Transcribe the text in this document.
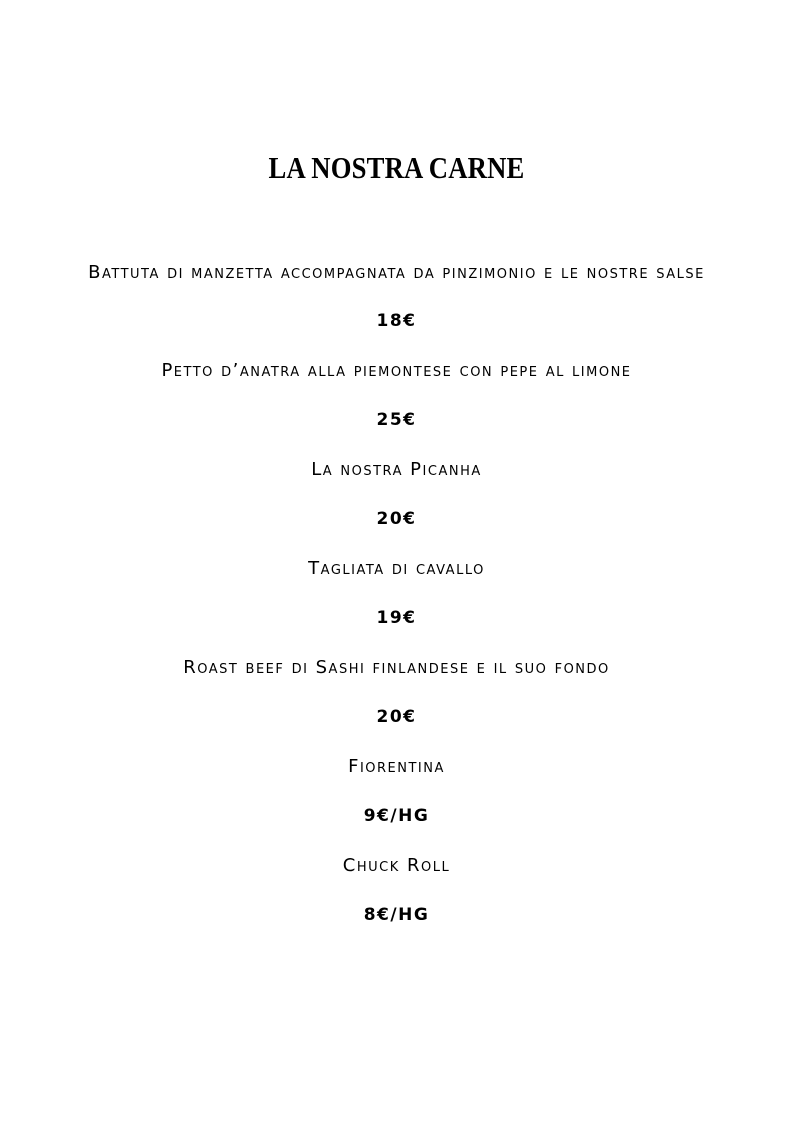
LA NOSTRA CARNE
Battuta di manzetta accompagnata da pinzimonio e le nostre salse
18€
Petto d’anatra alla piemontese con pepe al limone
25€
La nostra Picanha
20€
Tagliata di cavallo
19€
Roast beef di Sashi finlandese e il suo fondo
20€
Fiorentina
9€/HG
Chuck Roll
8€/HG
